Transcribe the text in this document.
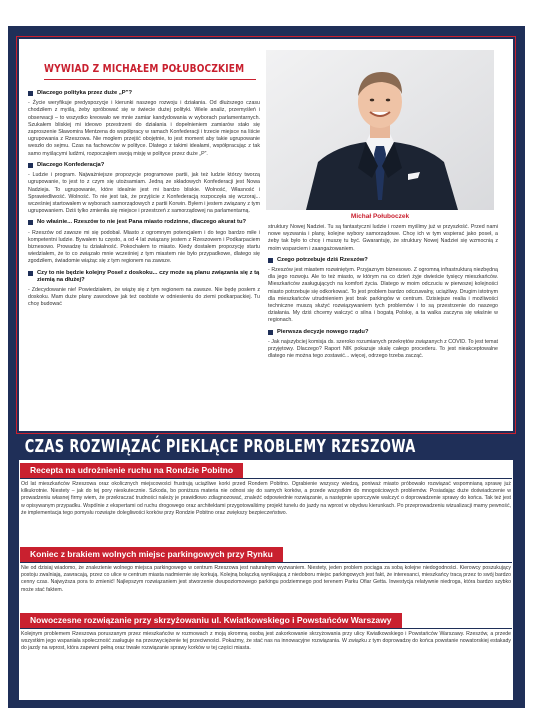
WYWIAD Z MICHAŁEM POŁUBOCZKIEM
Michał Połuboczek
Dlaczego polityka przez duże „P”?

- Życie weryfikuje predyspozycje i kierunki naszego rozwoju i działania. Od dłuższego czasu chodziłem z myślą, żeby spróbować się w świecie dużej polityki. Wiele analiz, przemyśleń i obserwacji – to wszystko kreowało we mnie zamiar kandydowania w wyborach parlamentarnych. Szukałem bliskiej mi ideowo przestrzeni do działania i dopełnieniem zamiarów stało się zaproszenie Sławomira Mentzena do współpracy w ramach Konfederacji i trzecie miejsce na liście ugrupowania z Rzeszowa. Nie mogłem przejść obojętnie, to jest moment aby takie ugrupowanie weszło do sejmu. Czas na fachowców w polityce. Dlatego z takimi ideałami, współpracując z tak samo myślącymi ludźmi, rozpocząłem swoją misję w polityce przez duże „P”.

Dlaczego Konfederacja?

- Ludzie i program. Najważniejsze propozycje programowe partii, jak też ludzie którzy tworzą ugrupowanie, to jest to z czym się utożsamiam. Jedną ze składowych Konfederacji jest Nowa Nadzieja. To ugrupowanie, które idealnie jest mi bardzo bliskie. Wolność, Własność i Sprawiedliwość. Wolność. To nie jest tak, że przyjście z Konfederacją rozpoczęła się wczoraj... wcześniej startowałem w wyborach samorządowych z partii Korwin. Byłem i jestem związany z tym ugrupowaniem. Dziś tylko zmieniła się miejsce i przestrzeń z samorządowej na parlamentarną.

No właśnie... Rzeszów to nie jest Pana miasto rodzinne, dlaczego akurat tu?

- Rzeszów od zawsze mi się podobał. Miasto z ogromnym potencjałem i do tego bardzo miłe i kompetentni ludzie. Bywałem tu często, a od 4 lat związany jestem z Rzeszowem i Podkarpaciem biznesowo. Prowadzę tu działalność. Pokochałem to miasto. Kiedy dostałem propozycję startu wiedziałem, że to co związało mnie wcześniej z tym miastem nie było przypadkowe, dlatego się zgodziłem, świadomie wiążąc się z tym regionem na zawsze.

Czy to nie będzie kolejny Poseł z doskoku... czy może są planu związania się z tą ziemią na dłużej?

- Zdecydowanie nie! Powiedziałem, że wiążę się z tym regionem na zawsze. Nie będę posłem z doskoku. Mam duże plany zawodowe jak też osobiste w odniesieniu do ziemi podkarpackiej. Tu chcę budować

struktury Nowej Nadziei. Tu są fantastyczni ludzie i rozem myślimy już w przyszłość. Przed nami nowe wyzwania i plany, kolejne wybory samorządowe. Chcę ich w tym wspierać jako poseł, a żeby tak było to chcę i muszę tu być. Gwarantuję, że struktury Nowej Nadziei się wzmocnią z moim wsparciem i zaangażowaniem.

Czego potrzebuje dziś Rzeszów?

- Rzeszów jest miastem rozwiniętym. Przyjaznym biznesowo. Z ogromną infrastrukturą niezbędną dla jego rozwoju. Ale to też miasto, w którym na co dzień żyje dwieście tysięcy mieszkańców. Mieszkańców zasługujących na komfort życia. Dlatego w moim odczuciu w pierwszej kolejności miasto potrzebuje się odkorkować. To jest problem bardzo odczuwalny, uciążliwy. Drugim istotnym dla mieszkańców utrudnieniem jest brak parkingów w centrum. Dzisiejsze realia i możliwości techniczne muszą służyć rozwiązywaniem tych problemów i to są przestrzenie do naszego działania. My dziś chcemy walczyć o silna i bogatą Polskę, a ta walka zaczyna się właśnie w regionach.

Pierwsza decyzje nowego rządu?

- Jak najszybciej komisja ds. szeroko rozumianych przekrętów związanych z COVID. To jest temat przyjętowy. Dlaczego? Raport NIK pokazuje skalę całego procederu. To jest nieakceptowalne dlatego nie można tego zostawić... więcej, odrzego trzeba zacząć.

CZAS ROZWIĄZAĆ PIEKLĄCE PROBLEMY RZESZOWA
Recepta na udrożnienie ruchu na Rondzie Pobitno
Od lat mieszkańców Rzeszowa oraz okolicznych miejscowości frustrują uciążliwe korki przed Rondem Pobitno. Ograbienie wszyscy wiedzą, poniważ miasto próbowało rozwiązać wspomnianą sprawę już kilkukrotnie. Niestety – jak do tej pory nieskutecznie. Szkoda, bo poniższa materia nie odnosi się do samych korków, a przede wszystkim do mnogościowych problemów. Posiadając duże doświadczenie w prowadzeniu własnej firmy wiem, że przekraczać trudności należy je prawidłowo zdiagnozować, znaleźć odpowiednie rozwiązanie, a następnie uporczywie walczyć o doprowadzenie sprawy do końca. Tak też jest w opisywanym przypadku. Wspólnie z ekspertami od ruchu drogowego oraz architektami przygotowaliśmy projekt tunelu do jazdy na wprost w obydwu kierunkach. Po przeprowadzeniu wizualizacji mamy pewność, że implementacja tego pomysłu rozwiąże dolegliwości korków przy Rondzie Pobitno oraz zwiększy bezpieczeństwo.
Koniec z brakiem wolnych miejsc parkingowych przy Rynku
Nie od dzisiaj wiadomo, że znalezienie wolnego miejsca parkingowego w centrum Rzeszowa jest naturalnym wyzwaniem. Niestety, jeden problem pociąga za sobą kolejne niedogodności. Kierowcy poszukujący postoju zwalniają, zawracają, przez co ulice w centrum miasta nadmiernie się korkują. Kolejną bolączką wynikającą z niedoboru miejsc parkingowych jest fakt, że interesanci, mieszkańcy tracą przez to swój bardzo cenny czas. Najwyższa pora to zmienić! Najlepszym rozwiązaniem jest stworzenie dwupoziomowego parkingu podziemnego pod terenem Parku Ofiar Getta. Inwestycja relatywnie niedroga, która bardzo szybko może stać faktem.
Nowoczesne rozwiązanie przy skrzyżowaniu ul. Kwiatkowskiego i Powstańców Warszawy
Kolejnym problemem Rzeszowa poruszanym przez mieszkańców w rozmowach z moją skromną osobą jest zakorkowanie skrzyżowania przy ulicy Kwiatkowskiego i Powstańców Warszawy. Rzeszów, a przede wszystkim jego wspaniała społeczność zasługuje na przezwyciężenie tej przeciwności. Pokażmy, że stać nas na innowacyjne rozwiązania. W związku z tym doprowadzę do końca powstanie nowatorskiej estakady do jazdy na wprost, która zapewni pełną oraz trwałe rozwiązanie sprawy korków w tej części miasta.
